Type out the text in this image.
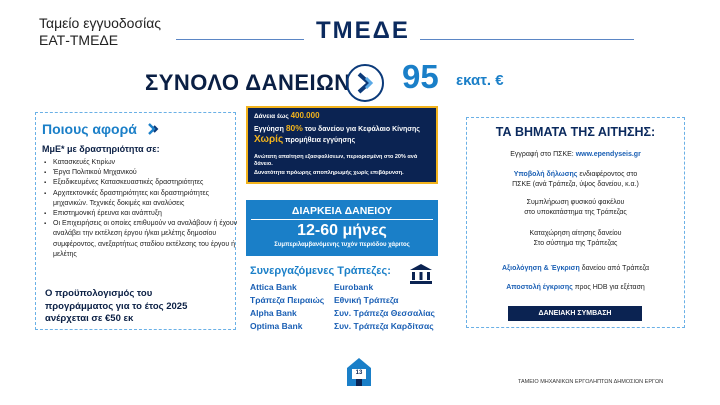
Ταμείο εγγυοδοσίας
ΕΑΤ-ΤΜΕΔΕ	ΤΜΕΔΕ
ΣΥΝΟΛΟ ΔΑΝΕΙΩΝ 95 εκατ. €
Ποιους αφορά
ΜμΕ* με δραστηριότητα σε:
▪ Κατασκευές Κτιρίων
▪ Έργα Πολιτικού Μηχανικού
▪ Εξειδικευμένες Κατασκευαστικές δραστηριότητες
▪ Αρχιτεκτονικές δραστηριότητες και δραστηριότητες μηχανικών. Τεχνικές δοκιμές και αναλύσεις
▪ Επιστημονική έρευνα και ανάπτυξη
▪ Οι Επιχειρήσεις οι οποίες επιθυμούν να αναλάβουν ή έχουν αναλάβει την εκτέλεση έργου ή/και μελέτης δημοσίου συμφέροντος, ανεξαρτήτως σταδίου εκτέλεσης του έργου ή μελέτης
Ο προϋπολογισμός του
προγράμματος για το έτος 2025
ανέρχεται σε €50 εκ
Δάνεια έως 400.000
Εγγύηση 80% του δανείου για Κεφάλαιο Κίνησης
Χωρίς προμήθεια εγγύησης
Ανώτατη απαίτηση εξασφαλίσεων, περιορισμένη στο 20% ανά δάνειο.
Δυνατότητα πρόωρης αποπληρωμής χωρίς επιβάρυνση.
ΔΙΑΡΚΕΙΑ ΔΑΝΕΙΟΥ
12-60 μήνες
Συμπεριλαμβανόμενης τυχόν περιόδου χάριτος
Συνεργαζόμενες Τράπεζες:
Attica Bank
Τράπεζα Πειραιώς
Alpha Bank
Optima Bank
Eurobank
Εθνική Τράπεζα
Συν. Τράπεζα Θεσσαλίας
Συν. Τράπεζα Καρδίτσας
ΤΑ ΒΗΜΑΤΑ ΤΗΣ ΑΙΤΗΣΗΣ:
Εγγραφή στο ΠΣΚΕ: www.ependyseis.gr
Υποβολή δήλωσης ενδιαφέροντος στο
ΠΣΚΕ (ανά Τράπεζα, ύψος δανείου, κ.α.)
Συμπλήρωση φυσικού φακέλου
στο υποκατάστημα της Τράπεζας
Καταχώρηση αίτησης δανείου
Στο σύστημα της Τράπεζας
Αξιολόγηση & Έγκριση δανείου από Τράπεζα
Αποστολή έγκρισης προς HDB για εξέταση
ΔΑΝΕΙΑΚΗ ΣΥΜΒΑΣΗ
13
ΤΑΜΕΙΟ ΜΗΧΑΝΙΚΩΝ ΕΡΓΟΛΗΠΤΩΝ ΔΗΜΟΣΙΩΝ ΕΡΓΩΝ
